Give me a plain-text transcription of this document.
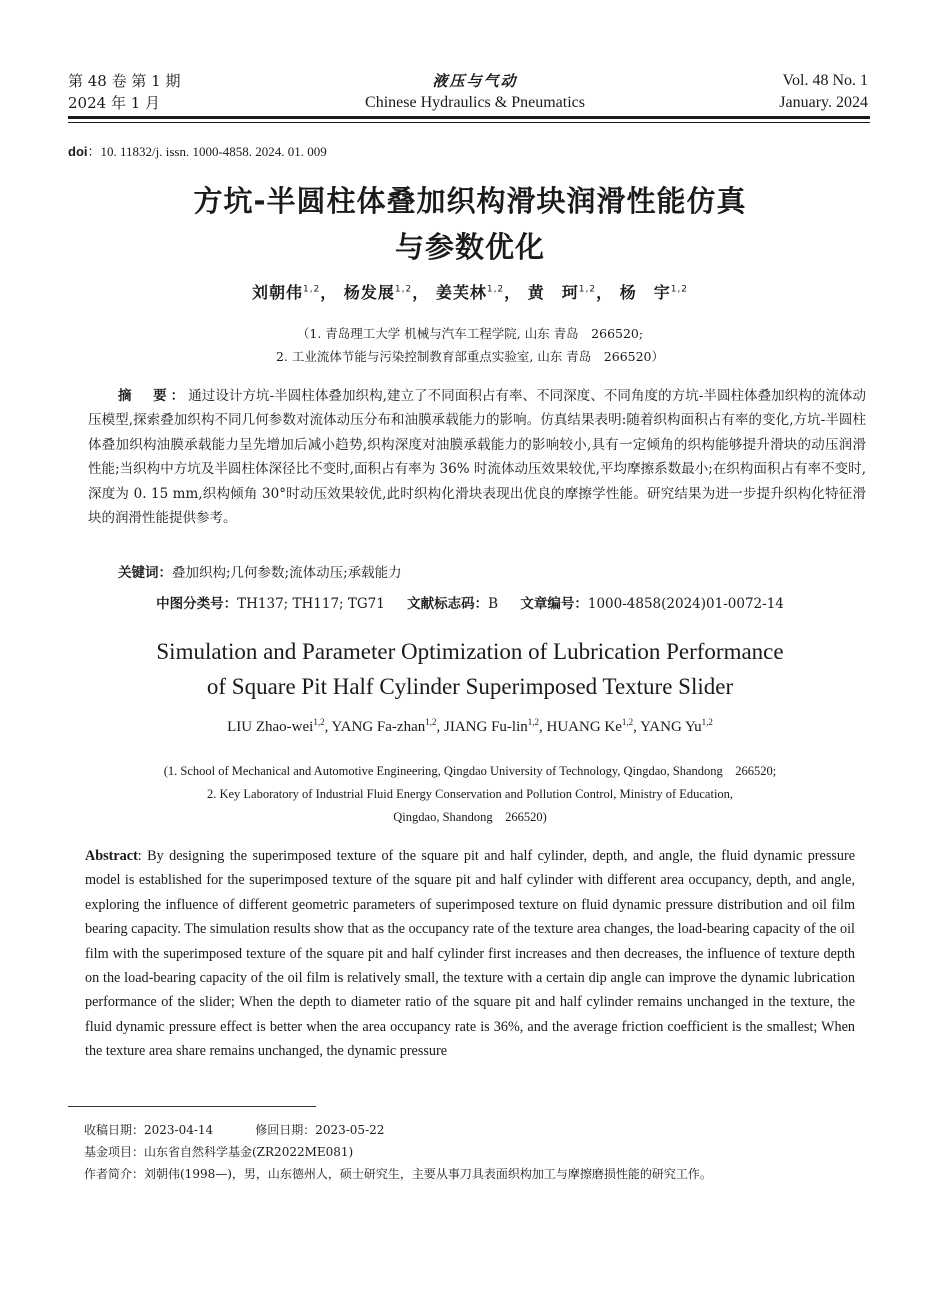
第 48 卷 第 1 期
2024 年 1 月
液压与气动
Chinese Hydraulics & Pneumatics
Vol. 48 No. 1
January. 2024
doi：10. 11832/j. issn. 1000-4858. 2024. 01. 009
方坑-半圆柱体叠加织构滑块润滑性能仿真
与参数优化
刘朝伟$^{1,2}$， 杨发展$^{1,2}$， 姜芙林$^{1,2}$， 黄　珂$^{1,2}$， 杨　宇$^{1,2}$
（1. 青岛理工大学 机械与汽车工程学院, 山东 青岛　266520;
2. 工业流体节能与污染控制教育部重点实验室, 山东 青岛　266520）
摘　要：通过设计方坑-半圆柱体叠加织构,建立了不同面积占有率、不同深度、不同角度的方坑-半圆柱体叠加织构的流体动压模型,探索叠加织构不同几何参数对流体动压分布和油膜承载能力的影响。仿真结果表明:随着织构面积占有率的变化,方坑-半圆柱体叠加织构油膜承载能力呈先增加后减小趋势,织构深度对油膜承载能力的影响较小,具有一定倾角的织构能够提升滑块的动压润滑性能;当织构中方坑及半圆柱体深径比不变时,面积占有率为 36% 时流体动压效果较优,平均摩擦系数最小;在织构面积占有率不变时,深度为 0. 15 mm,织构倾角 30°时动压效果较优,此时织构化滑块表现出优良的摩擦学性能。研究结果为进一步提升织构化特征滑块的润滑性能提供参考。
关键词：叠加织构;几何参数;流体动压;承载能力
中图分类号：TH137; TH117; TG71 文献标志码：B 文章编号：1000-4858(2024)01-0072-14
Simulation and Parameter Optimization of Lubrication Performance
of Square Pit Half Cylinder Superimposed Texture Slider
LIU Zhao-wei$^{1,2}$, YANG Fa-zhan$^{1,2}$, JIANG Fu-lin$^{1,2}$, HUANG Ke$^{1,2}$, YANG Yu$^{1,2}$
(1. School of Mechanical and Automotive Engineering, Qingdao University of Technology, Qingdao, Shandong　266520;
2. Key Laboratory of Industrial Fluid Energy Conservation and Pollution Control, Ministry of Education,
Qingdao, Shandong　266520)
Abstract: By designing the superimposed texture of the square pit and half cylinder, depth, and angle, the fluid dynamic pressure model is established for the superimposed texture of the square pit and half cylinder with different area occupancy, depth, and angle, exploring the influence of different geometric parameters of superimposed texture on fluid dynamic pressure distribution and oil film bearing capacity. The simulation results show that as the occupancy rate of the texture area changes, the load-bearing capacity of the oil film with the superimposed texture of the square pit and half cylinder first increases and then decreases, the influence of texture depth on the load-bearing capacity of the oil film is relatively small, the texture with a certain dip angle can improve the dynamic lubrication performance of the slider; When the depth to diameter ratio of the square pit and half cylinder remains unchanged in the texture, the fluid dynamic pressure effect is better when the area occupancy rate is 36%, and the average friction coefficient is the smallest; When the texture area share remains unchanged, the dynamic pressure
收稿日期：2023-04-14	修回日期：2023-05-22
基金项目：山东省自然科学基金(ZR2022ME081)
作者简介：刘朝伟(1998—)，男，山东德州人，硕士研究生，主要从事刀具表面织构加工与摩擦磨损性能的研究工作。
